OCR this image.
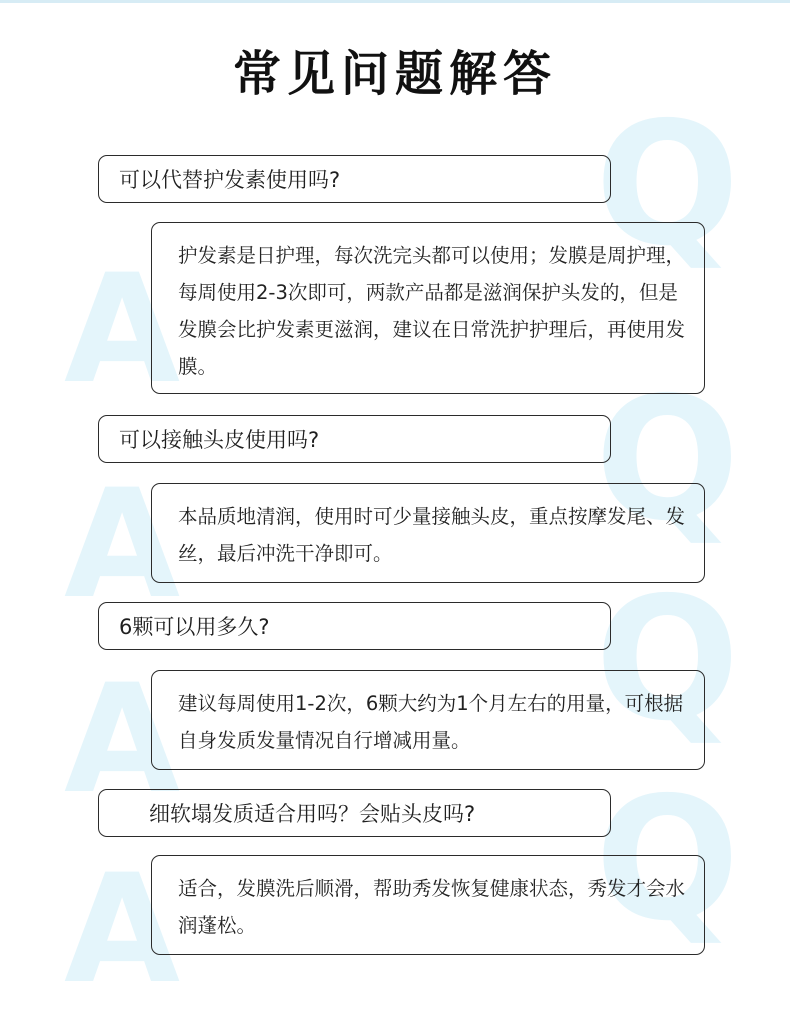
Q
Q
Q
Q
A
A
A
A
常见问题解答
可以代替护发素使用吗?
护发素是日护理，每次洗完头都可以使用；发膜是周护理，每周使用2-3次即可，两款产品都是滋润保护头发的，但是发膜会比护发素更滋润，建议在日常洗护护理后，再使用发膜。
可以接触头皮使用吗?
本品质地清润，使用时可少量接触头皮，重点按摩发尾、发丝，最后冲洗干净即可。
6颗可以用多久?
建议每周使用1-2次，6颗大约为1个月左右的用量，可根据自身发质发量情况自行增减用量。
细软塌发质适合用吗？会贴头皮吗?
适合，发膜洗后顺滑，帮助秀发恢复健康状态，秀发才会水润蓬松。
